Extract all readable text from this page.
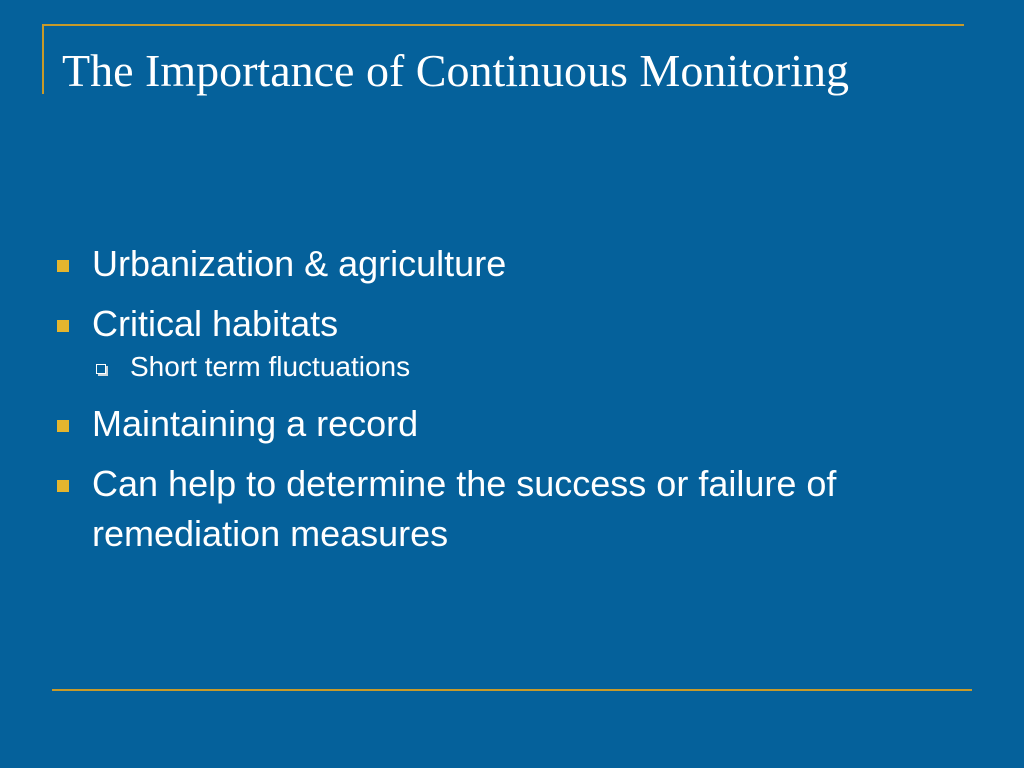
The Importance of Continuous Monitoring
Urbanization & agriculture
Critical habitats
Short term fluctuations
Maintaining a record
Can help to determine the success or failure of remediation measures
